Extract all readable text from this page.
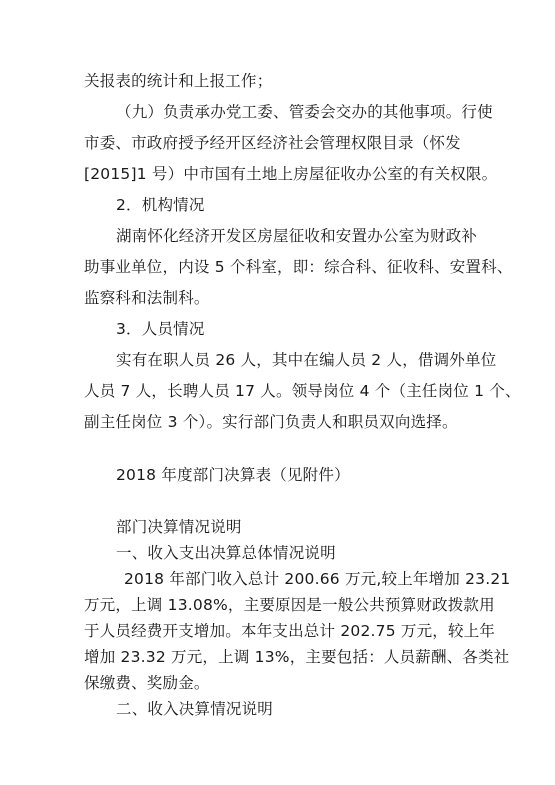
关报表的统计和上报工作；
（九）负责承办党工委、管委会交办的其他事项。行使
市委、市政府授予经开区经济社会管理权限目录（怀发
[2015]1 号）中市国有土地上房屋征收办公室的有关权限。
2．机构情况
湖南怀化经济开发区房屋征收和安置办公室为财政补
助事业单位，内设 5 个科室，即：综合科、征收科、安置科、
监察科和法制科。
3．人员情况
实有在职人员 26 人，其中在编人员 2 人，借调外单位
人员 7 人，长聘人员 17 人。领导岗位 4 个（主任岗位 1 个、
副主任岗位 3 个）。实行部门负责人和职员双向选择。
2018 年度部门决算表（见附件）
部门决算情况说明
一、收入支出决算总体情况说明
2018 年部门收入总计 200.66 万元,较上年增加 23.21
万元，上调 13.08%，主要原因是一般公共预算财政拨款用
于人员经费开支增加。本年支出总计 202.75 万元，较上年
增加 23.32 万元，上调 13%，主要包括：人员薪酬、各类社
保缴费、奖励金。
二、收入决算情况说明
